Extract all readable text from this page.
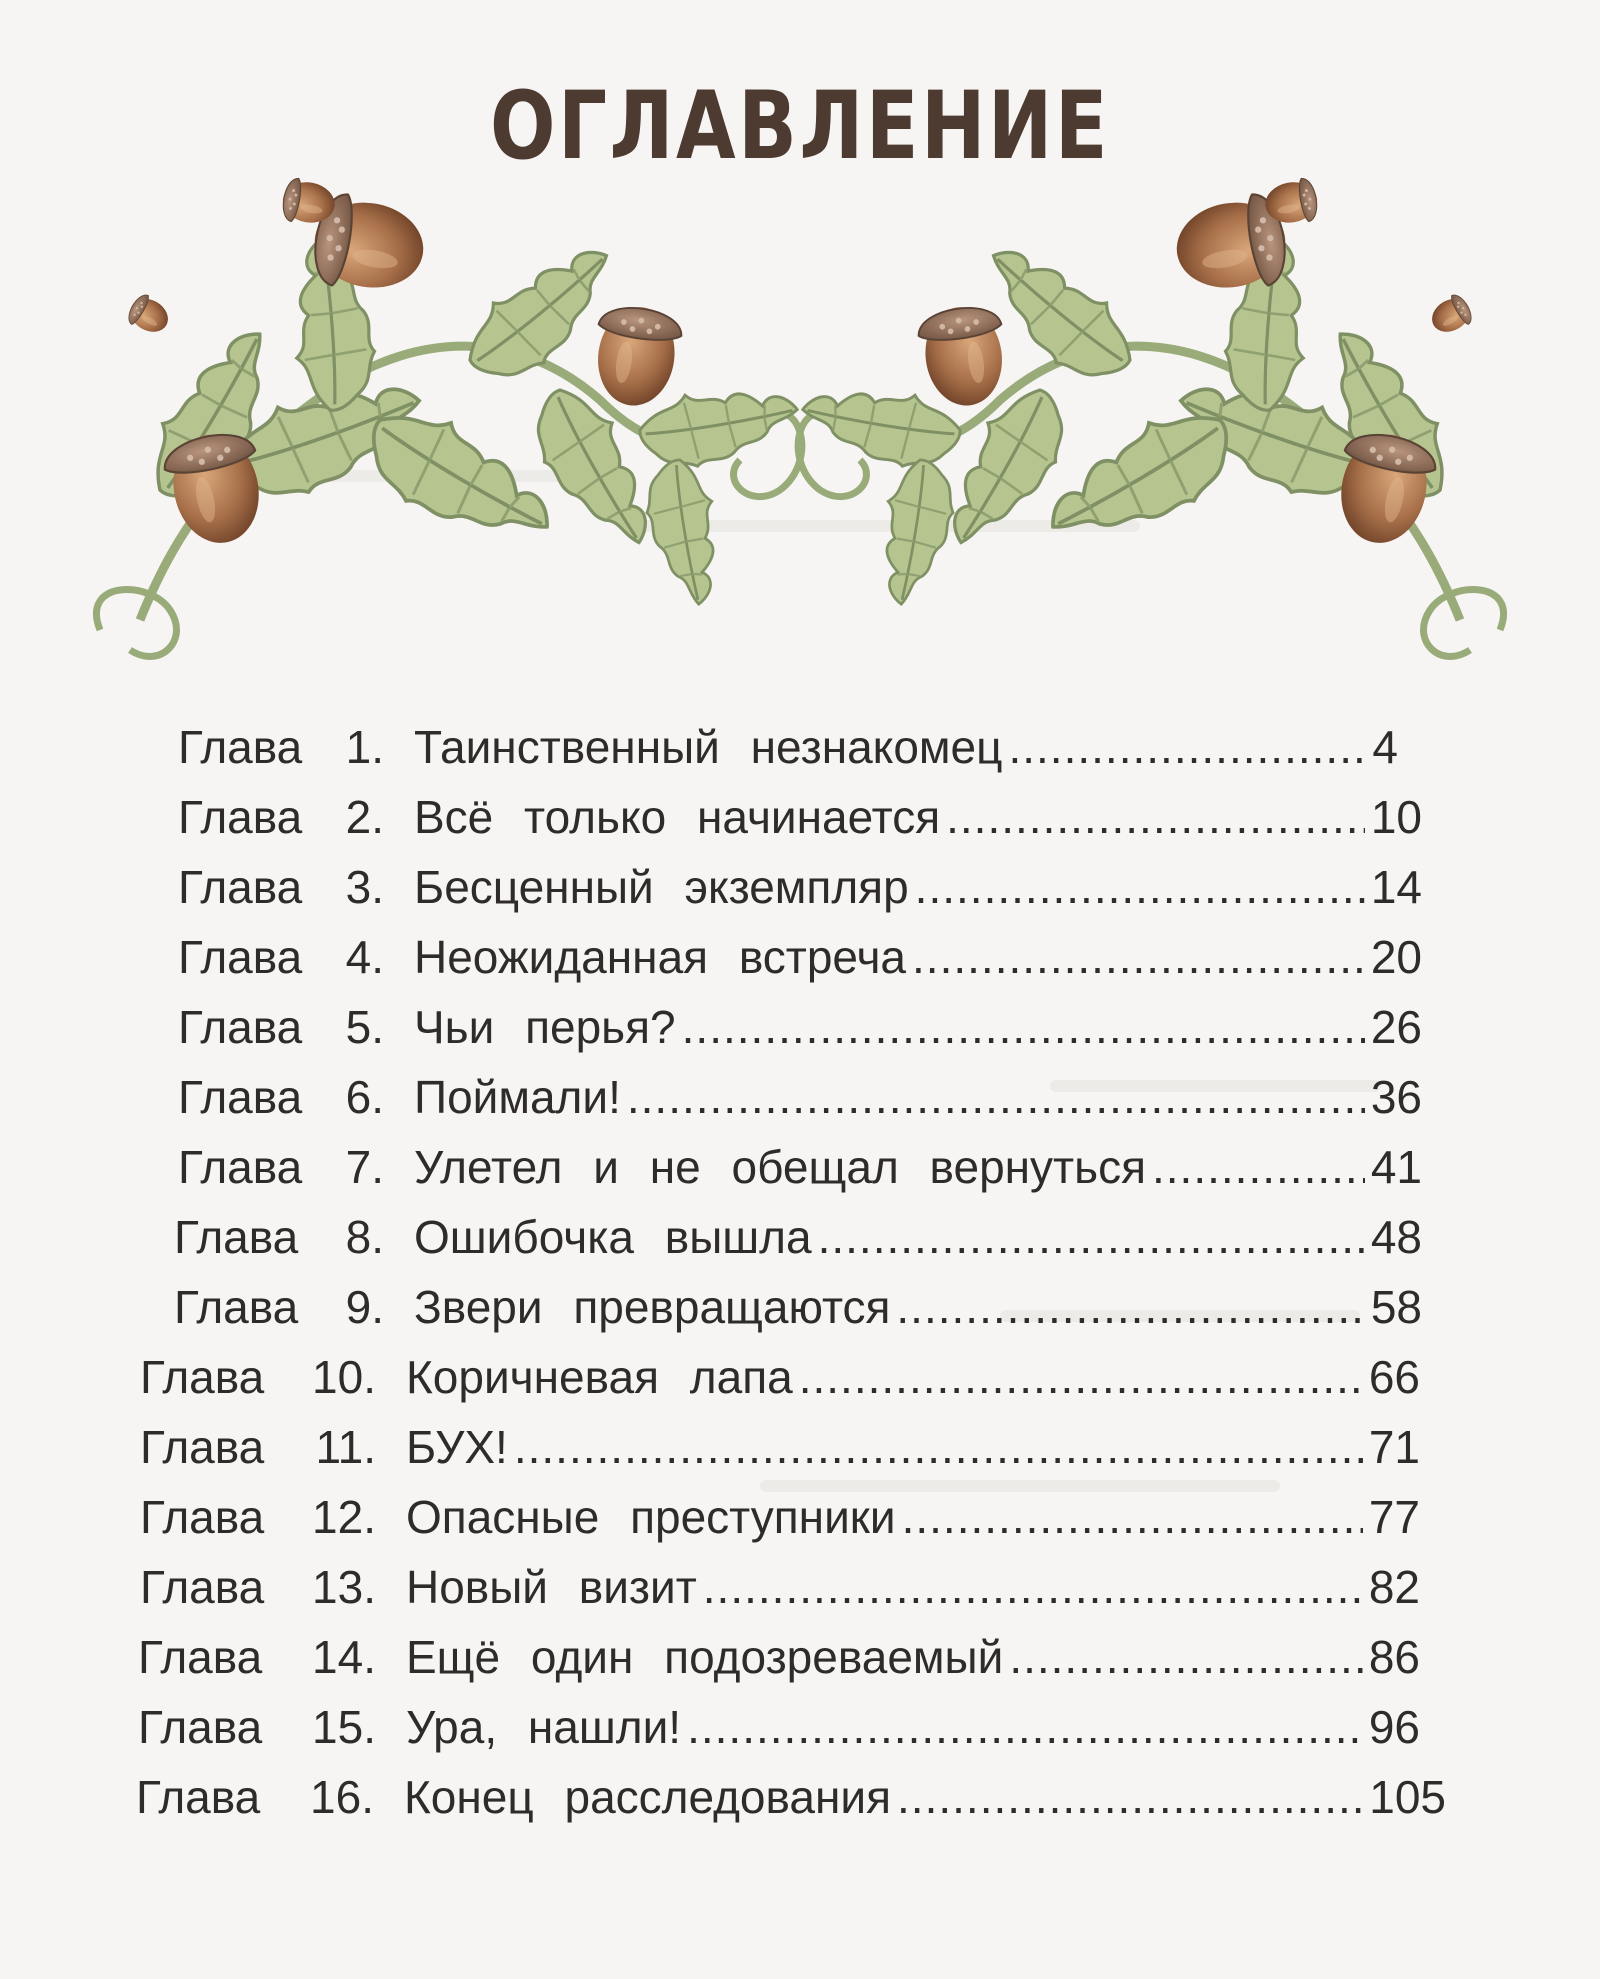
ОГЛАВЛЕНИЕ
Глава 1. Таинственный незнакомец .....	4
Глава 2. Всё только начинается .....	10
Глава 3. Бесценный экземпляр .....	14
Глава 4. Неожиданная встреча .....	20
Глава 5. Чьи перья? .....	26
Глава 6. Поймали! .....	36
Глава 7. Улетел и не обещал вернуться .....	41
Глава	8. Ошибочка вышла .....	48
Глава	9. Звери превращаются .....	58
Глава	10. Коричневая лапа .....	66
Глава	11. БУХ! .....	71
Глава	12. Опасные преступники .....	77
Глава	13. Новый визит .....	82
Глава	14. Ещё один подозреваемый .....	86
Глава	15. Ура, нашли! .....	96
Глава	16. Конец расследования .....	105
